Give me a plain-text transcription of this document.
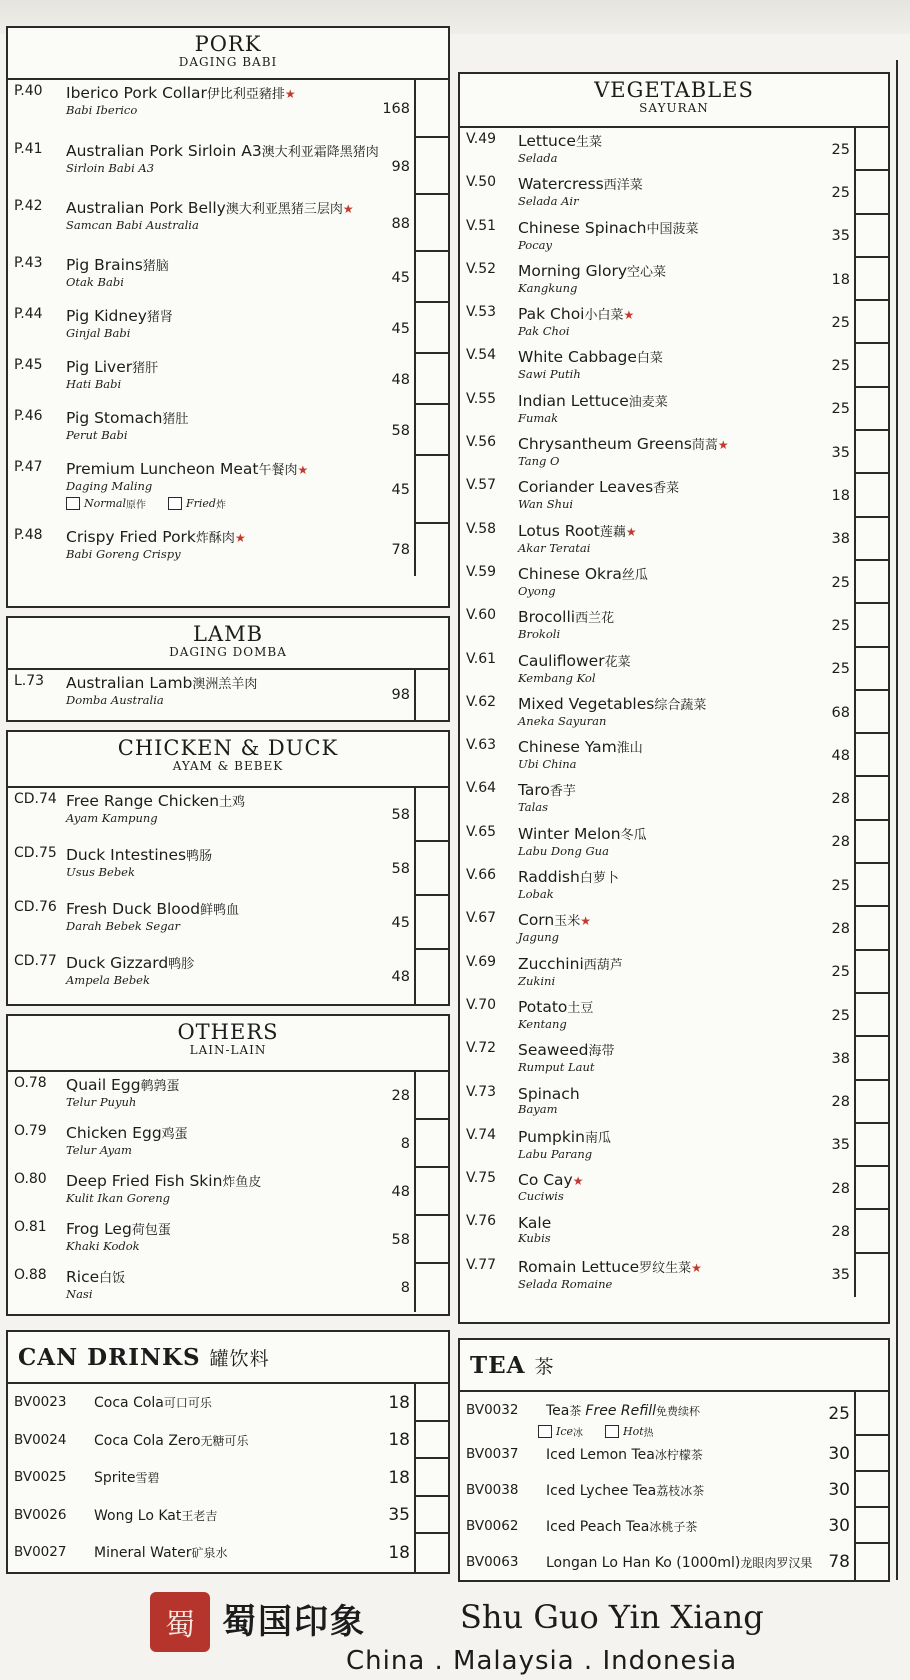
PORK
DAGING BABI
P.40 Iberico Pork Collar伊比利亞豬排★
Babi Iberico	168
P.41 Australian Pork Sirloin A3澳大利亚霜降黑猪肉
Sirloin Babi A3	98
P.42 Australian Pork Belly澳大利亚黑猪三层肉★
Samcan Babi Australia	88
P.43 Pig Brains猪脑
Otak Babi	45
P.44 Pig Kidney猪肾
Ginjal Babi	45
P.45 Pig Liver猪肝
Hati Babi	48
P.46 Pig Stomach猪肚
Perut Babi	58
P.47 Premium Luncheon Meat午餐肉★
Daging Maling
Normal 原作	Fried 炸
45
P.48 Crispy Fried Pork炸酥肉★
Babi Goreng Crispy	78
LAMB
DAGING DOMBA
L.73 Australian Lamb澳洲羔羊肉
Domba Australia	98
CHICKEN & DUCK
AYAM & BEBEK
CD.74 Free Range Chicken土鸡
Ayam Kampung	58
CD.75 Duck Intestines鸭肠
Usus Bebek	58
CD.76 Fresh Duck Blood鲜鸭血
Darah Bebek Segar	45
CD.77 Duck Gizzard鸭胗
Ampela Bebek	48
OTHERS
LAIN-LAIN
O.78 Quail Egg鹌鹑蛋
Telur Puyuh	28
O.79 Chicken Egg鸡蛋
Telur Ayam	8
O.80 Deep Fried Fish Skin炸鱼皮
Kulit Ikan Goreng	48
O.81 Frog Leg荷包蛋
Khaki Kodok	58
O.88 Rice白饭
Nasi	8
CAN DRINKS 罐饮料
BV0023 Coca Cola可口可乐	18
BV0024 Coca Cola Zero无糖可乐	18
BV0025 Sprite雪碧	18
BV0026 Wong Lo Kat王老吉	35
BV0027 Mineral Water矿泉水	18
VEGETABLES
SAYURAN
V.49 Lettuce生菜
Selada
25
V.50 Watercress西洋菜
Selada Air
25
V.51 Chinese Spinach中国菠菜
Pocay
35
V.52 Morning Glory空心菜
Kangkung
18
V.53 Pak Choi小白菜★
Pak Choi
25
V.54 White Cabbage白菜
Sawi Putih
25
V.55 Indian Lettuce油麦菜
Fumak
25
V.56 Chrysantheum Greens茼蒿★
Tang O
35
V.57 Coriander Leaves香菜
Wan Shui
18
V.58 Lotus Root莲藕★
Akar Teratai
38
V.59 Chinese Okra丝瓜
Oyong
25
V.60 Brocolli西兰花
Brokoli
25
V.61 Cauliflower花菜
Kembang Kol
25
V.62 Mixed Vegetables综合蔬菜
Aneka Sayuran
68
V.63 Chinese Yam淮山
Ubi China
48
V.64 Taro香芋
Talas
28
V.65 Winter Melon冬瓜
Labu Dong Gua
28
V.66 Raddish白萝卜
Lobak
25
V.67 Corn玉米★
Jagung
28
V.69 Zucchini西葫芦
Zukini
25
V.70 Potato土豆
Kentang
25
V.72 Seaweed海带
Rumput Laut
38
V.73 Spinach
Bayam	28
V.74 Pumpkin南瓜
Labu Parang
35
V.75 Co Cay★
Cuciwis	28
V.76 Kale
Kubis	28
V.77 Romain Lettuce罗纹生菜★
Selada Romaine
35
TEA 茶
BV0032 Tea茶 Free Refill免费续杯
Ice 冰	Hot 热
25
BV0037 Iced Lemon Tea冰柠檬茶	30
BV0038 Iced Lychee Tea荔枝冰茶	30
BV0062 Iced Peach Tea冰桃子茶	30
BV0063 Longan Lo Han Ko (1000ml)龙眼肉罗汉果 78
蜀 蜀国印象	Shu Guo Yin Xiang
China . Malaysia . Indonesia
